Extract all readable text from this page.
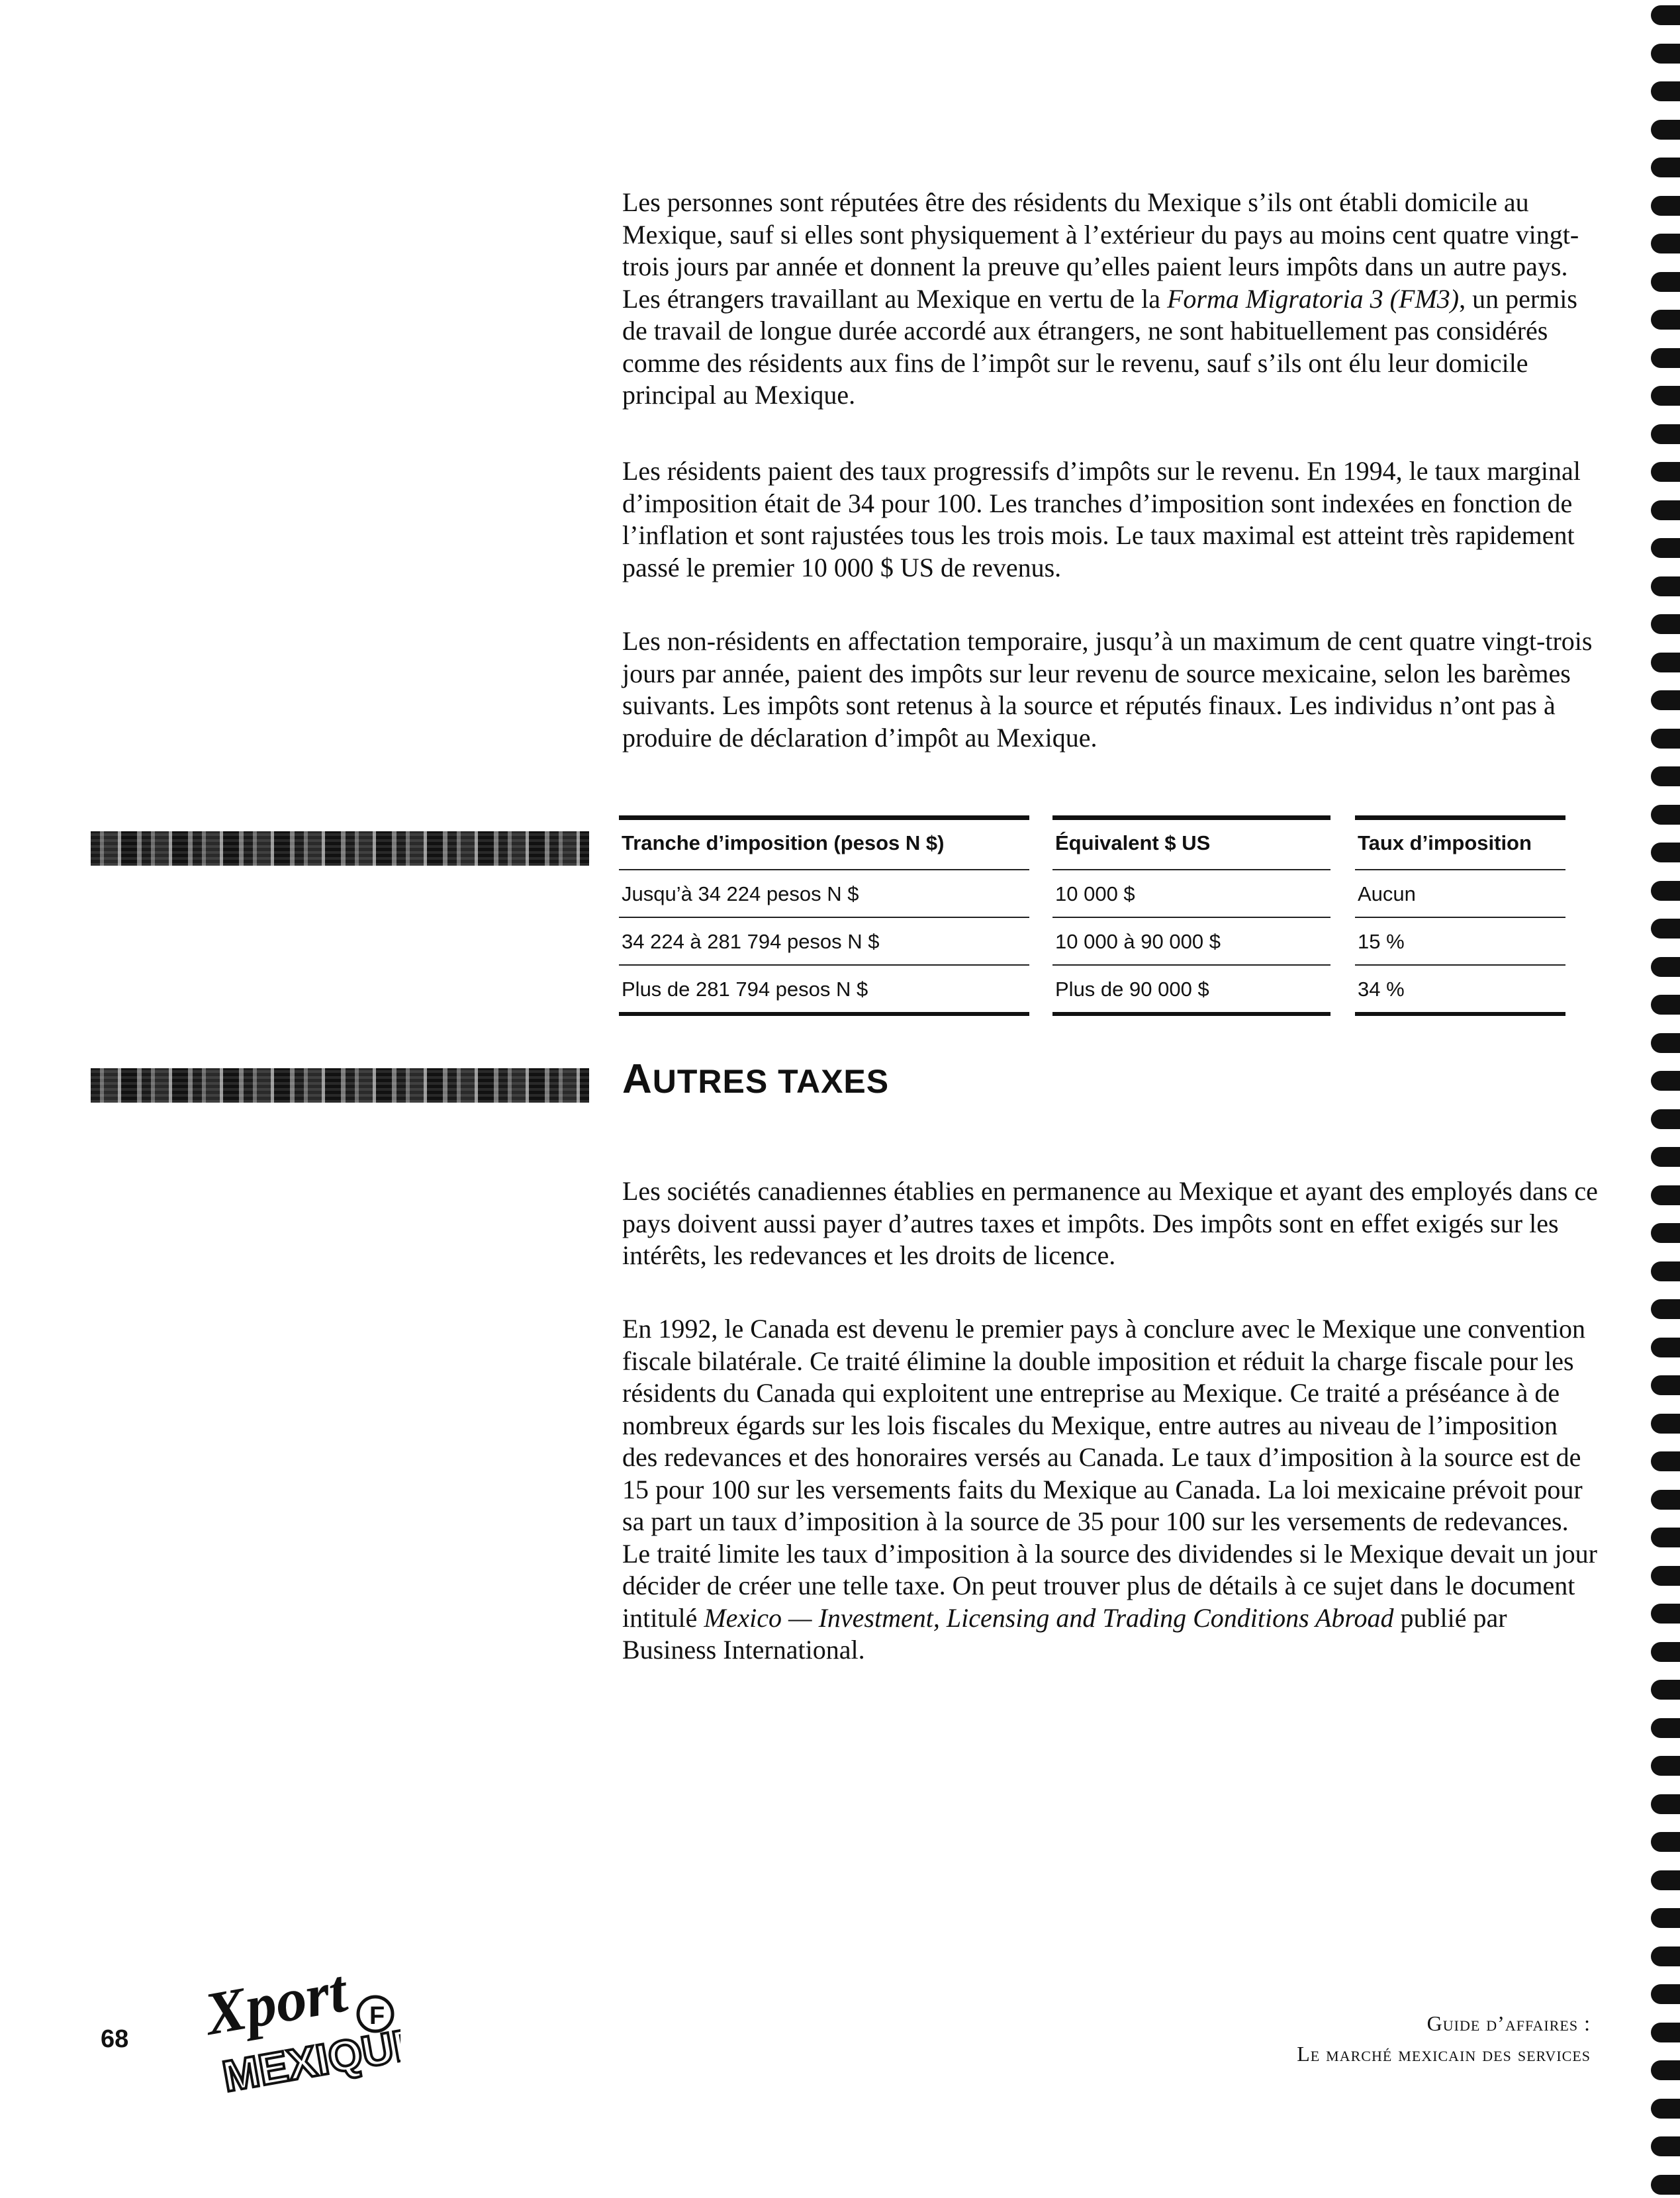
Les personnes sont réputées être des résidents du Mexique s’ils ont établi domicile au Mexique, sauf si elles sont physiquement à l’extérieur du pays au moins cent quatre vingt-trois jours par année et donnent la preuve qu’elles paient leurs impôts dans un autre pays. Les étrangers travaillant au Mexique en vertu de la Forma Migratoria 3 (FM3), un permis de travail de longue durée accordé aux étrangers, ne sont habituellement pas considérés comme des résidents aux fins de l’impôt sur le revenu, sauf s’ils ont élu leur domicile principal au Mexique.

Les résidents paient des taux progressifs d’impôts sur le revenu. En 1994, le taux marginal d’imposition était de 34 pour 100. Les tranches d’imposition sont indexées en fonction de l’inflation et sont rajustées tous les trois mois. Le taux maximal est atteint très rapidement passé le premier 10 000 $ US de revenus.

Les non-résidents en affectation temporaire, jusqu’à un maximum de cent quatre vingt-trois jours par année, paient des impôts sur leur revenu de source mexicaine, selon les barèmes suivants. Les impôts sont retenus à la source et réputés finaux. Les individus n’ont pas à produire de déclaration d’impôt au Mexique.

Tranche d’imposition (pesos N $)
Jusqu’à 34 224 pesos N $
34 224 à 281 794 pesos N $
Plus de 281 794 pesos N $
Équivalent $ US
10 000 $
10 000 à 90 000 $
Plus de 90 000 $
Taux d’imposition
Aucun
15 %
34 %
AUTRES TAXES

Les sociétés canadiennes établies en permanence au Mexique et ayant des employés dans ce pays doivent aussi payer d’autres taxes et impôts. Des impôts sont en effet exigés sur les intérêts, les redevances et les droits de licence.

En 1992, le Canada est devenu le premier pays à conclure avec le Mexique une convention fiscale bilatérale. Ce traité élimine la double imposition et réduit la charge fiscale pour les résidents du Canada qui exploitent une entreprise au Mexique. Ce traité a préséance à de nombreux égards sur les lois fiscales du Mexique, entre autres au niveau de l’imposition des redevances et des honoraires versés au Canada. Le taux d’imposition à la source est de 15 pour 100 sur les versements faits du Mexique au Canada. La loi mexicaine prévoit pour sa part un taux d’imposition à la source de 35 pour 100 sur les versements de redevances. Le traité limite les taux d’imposition à la source des dividendes si le Mexique devait un jour décider de créer une telle taxe. On peut trouver plus de détails à ce sujet dans le document intitulé Mexico — Investment, Licensing and Trading Conditions Abroad publié par Business International.

68 Xport F
MEXIQUE	Guide d’affaires :
Le marché mexicain des services
